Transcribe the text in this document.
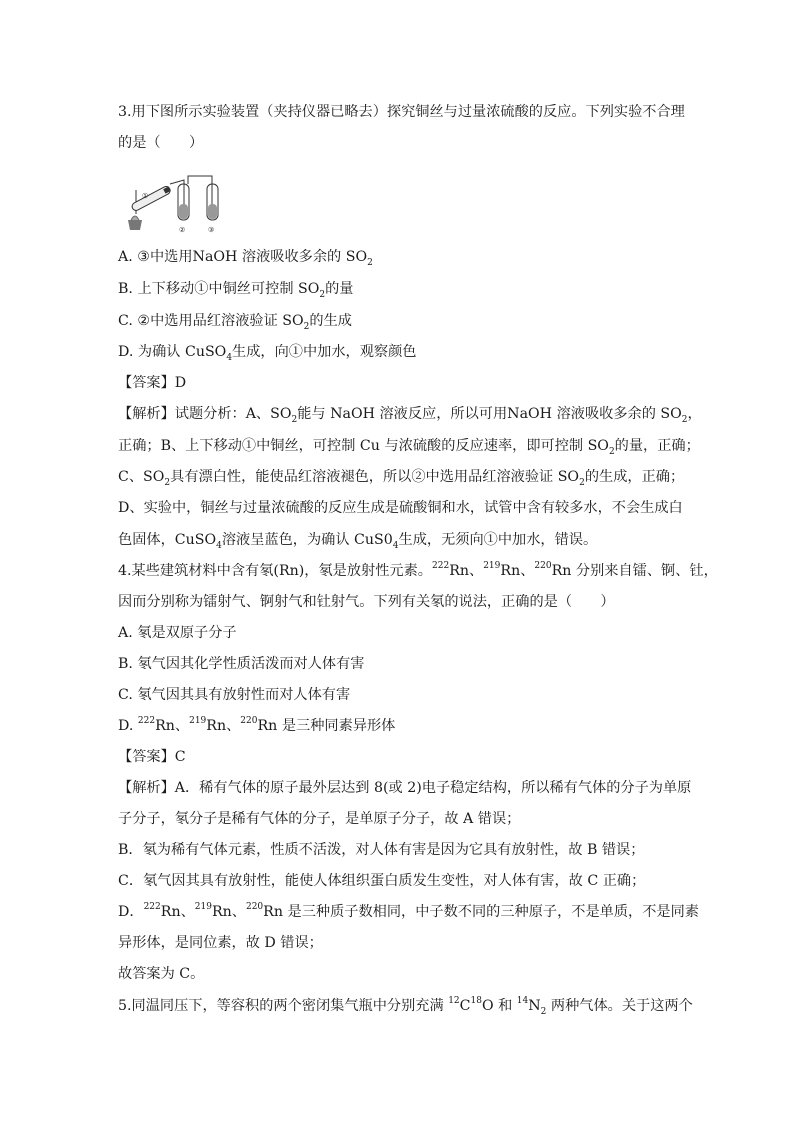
3.用下图所示实验装置（夹持仪器已略去）探究铜丝与过量浓硫酸的反应。下列实验不合理
的是（　　）
①
②	③
A. ③中选用NaOH 溶液吸收多余的 $SO_2$
B. 上下移动①中铜丝可控制 $SO_2$的量
C. ②中选用品红溶液验证 $SO_2$的生成
D. 为确认 CuSO$_4$生成，向①中加水，观察颜色
【答案】D
【解析】试题分析：A、$SO_2$能与 NaOH 溶液反应，所以可用NaOH 溶液吸收多余的 $SO_2$，
正确；B、上下移动①中铜丝，可控制 Cu 与浓硫酸的反应速率，即可控制 $SO_2$的量，正确；
C、$SO_2$具有漂白性，能使品红溶液褪色，所以②中选用品红溶液验证 $SO_2$的生成，正确；
D、实验中，铜丝与过量浓硫酸的反应生成是硫酸铜和水，试管中含有较多水，不会生成白
色固体，CuSO$_4$溶液呈蓝色，为确认 $CuS0_4$生成，无须向①中加水，错误。
4.某些建筑材料中含有氡(Rn)，氡是放射性元素。$^{222}$Rn、$^{219}$Rn、$^{220}$Rn 分别来自镭、锕、钍，
因而分别称为镭射气、锕射气和钍射气。下列有关氡的说法，正确的是（　　）
A. 氡是双原子分子
B. 氡气因其化学性质活泼而对人体有害
C. 氡气因其具有放射性而对人体有害
D. $^{222}$Rn、$^{219}$Rn、$^{220}$Rn 是三种同素异形体
【答案】C
【解析】A．稀有气体的原子最外层达到 8(或 2)电子稳定结构，所以稀有气体的分子为单原
子分子，氡分子是稀有气体的分子，是单原子分子，故 A 错误；
B．氡为稀有气体元素，性质不活泼，对人体有害是因为它具有放射性，故 B 错误；
C．氡气因其具有放射性，能使人体组织蛋白质发生变性，对人体有害，故 C 正确；
D．$^{222}$Rn、$^{219}$Rn、$^{220}$Rn 是三种质子数相同，中子数不同的三种原子，不是单质，不是同素
异形体，是同位素，故 D 错误；
故答案为 C。
5.同温同压下，等容积的两个密闭集气瓶中分别充满 $^{12}C^{18}O$ 和 $^{14}N_2$ 两种气体。关于这两个
